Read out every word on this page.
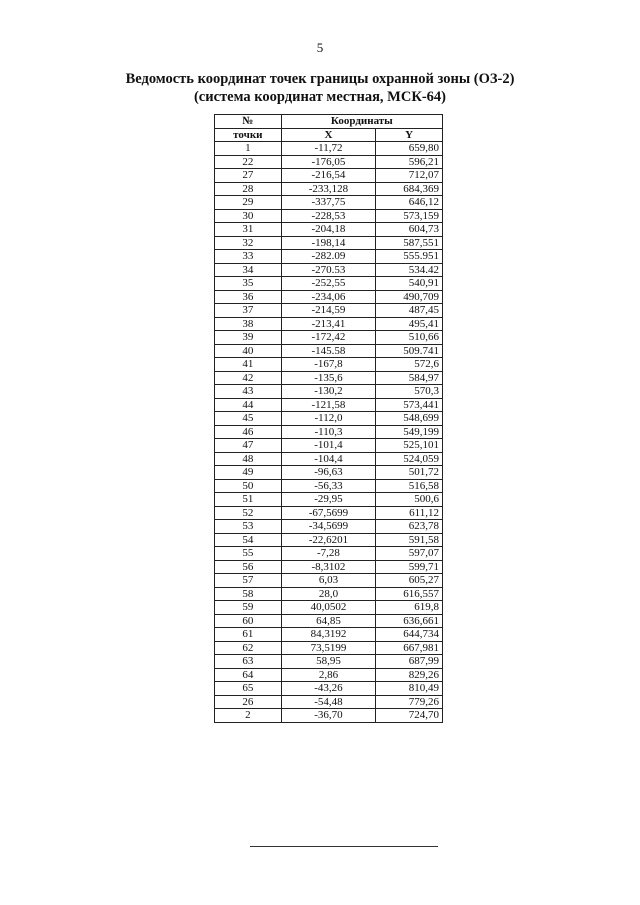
5
Ведомость координат точек границы охранной зоны (ОЗ-2)
(система координат местная, МСК-64)
№	Координаты	
точки	X	Y
1	-11,72	659,80
22	-176,05	596,21
27	-216,54	712,07
28	-233,128	684,369
29	-337,75	646,12
30	-228,53	573,159
31	-204,18	604,73
32	-198,14	587,551
33	-282.09	555.951
34	-270.53	534.42
35	-252,55	540,91
36	-234,06	490,709
37	-214,59	487,45
38	-213,41	495,41
39	-172,42	510,66
40	-145.58	509.741
41	-167,8	572,6
42	-135,6	584,97
43	-130,2	570,3
44	-121,58	573,441
45	-112,0	548,699
46	-110,3	549,199
47	-101,4	525,101
48	-104,4	524,059
49	-96,63	501,72
50	-56,33	516,58
51	-29,95	500,6
52	-67,5699	611,12
53	-34,5699	623,78
54	-22,6201	591,58
55	-7,28	597,07
56	-8,3102	599,71
57	6,03	605,27
58	28,0	616,557
59	40,0502	619,8
60	64,85	636,661
61	84,3192	644,734
62	73,5199	667,981
63	58,95	687,99
64	2,86	829,26
65	-43,26	810,49
26	-54,48	779,26
2	-36,70	724,70
